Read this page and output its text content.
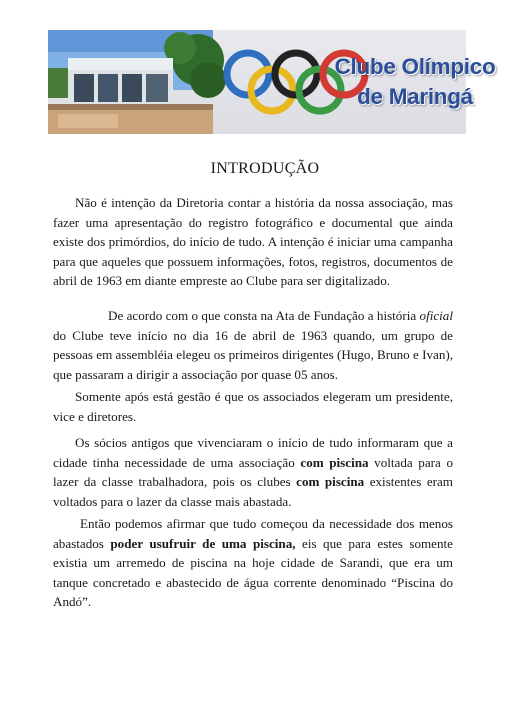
Clube Olímpico
de Maringá
INTRODUÇÃO

Não é intenção da Diretoria contar a história da nossa associação, mas fazer uma apresentação do registro fotográfico e documental que ainda existe dos primórdios, do início de tudo. A intenção é iniciar uma campanha para que aqueles que possuem informações, fotos, registros, documentos de abril de 1963 em diante empreste ao Clube para ser digitalizado.

De acordo com o que consta na Ata de Fundação a história oficial do Clube teve início no dia 16 de abril de 1963 quando, um grupo de pessoas em assembléia elegeu os primeiros dirigentes (Hugo, Bruno e Ivan), que passaram a dirigir a associação por quase 05 anos.

Somente após está gestão é que os associados elegeram um presidente, vice e diretores.

Os sócios antigos que vivenciaram o início de tudo informaram que a cidade tinha necessidade de uma associação com piscina voltada para o lazer da classe trabalhadora, pois os clubes com piscina existentes eram voltados para o lazer da classe mais abastada.

Então podemos afirmar que tudo começou da necessidade dos menos abastados poder usufruir de uma piscina, eis que para estes somente existia um arremedo de piscina na hoje cidade de Sarandi, que era um tanque concretado e abastecido de água corrente denominado “Piscina do Andó”.
